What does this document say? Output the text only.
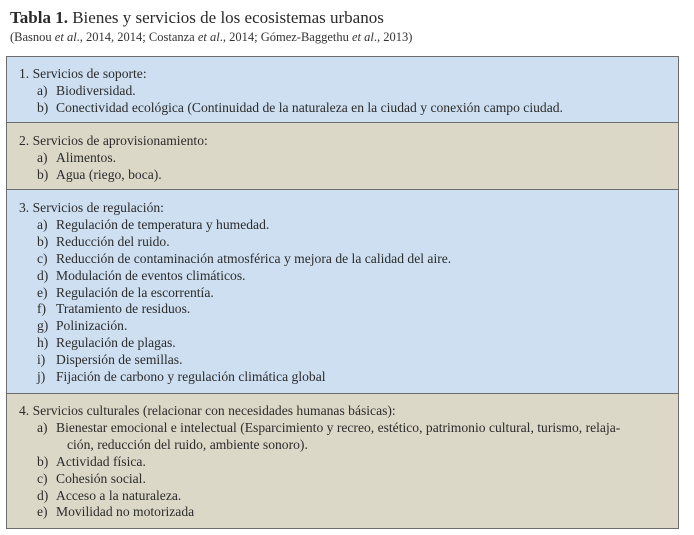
Tabla 1. Bienes y servicios de los ecosistemas urbanos
(Basnou et al., 2014, 2014; Costanza et al., 2014; Gómez-Baggethu et al., 2013)
1. Servicios de soporte:
a) Biodiversidad.
b) Conectividad ecológica (Continuidad de la naturaleza en la ciudad y conexión campo ciudad.
2. Servicios de aprovisionamiento:
a) Alimentos.
b) Agua (riego, boca).
3. Servicios de regulación:
a) Regulación de temperatura y humedad.
b) Reducción del ruido.
c) Reducción de contaminación atmosférica y mejora de la calidad del aire.
d) Modulación de eventos climáticos.
e) Regulación de la escorrentía.
f) Tratamiento de residuos.
g) Polinización.
h) Regulación de plagas.
i) Dispersión de semillas.
j) Fijación de carbono y regulación climática global
4. Servicios culturales (relacionar con necesidades humanas básicas):
a) Bienestar emocional e intelectual (Esparcimiento y recreo, estético, patrimonio cultural, turismo, relaja-
ción, reducción del ruido, ambiente sonoro).
b) Actividad física.
c) Cohesión social.
d) Acceso a la naturaleza.
e) Movilidad no motorizada
